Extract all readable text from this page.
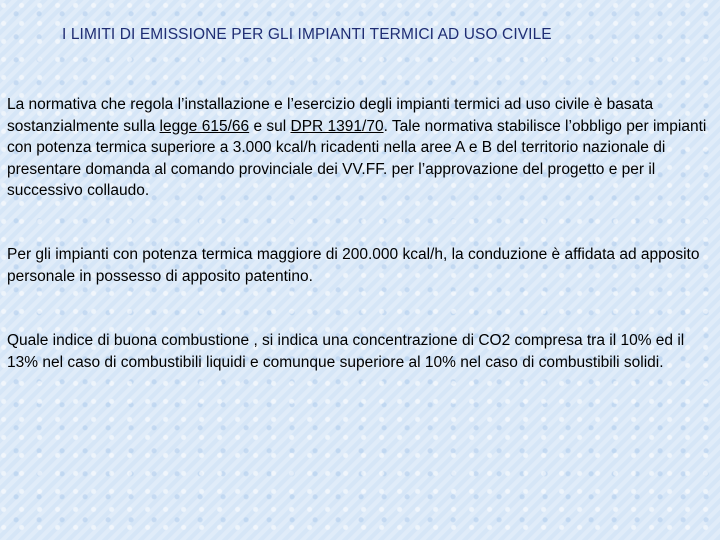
I LIMITI DI EMISSIONE PER GLI IMPIANTI TERMICI AD USO CIVILE
La normativa che regola l’installazione e l’esercizio degli impianti termici ad uso civile è basata sostanzialmente sulla legge 615/66 e sul DPR 1391/70. Tale normativa stabilisce l’obbligo per impianti con potenza termica superiore a 3.000 kcal/h ricadenti nella aree A e B del territorio nazionale di presentare domanda al comando provinciale dei VV.FF. per l’approvazione del progetto e per il successivo collaudo.
Per gli impianti con potenza termica maggiore di 200.000 kcal/h, la conduzione è affidata ad apposito personale in possesso di apposito patentino.
Quale indice di buona combustione , si indica una concentrazione di CO2 compresa tra il 10% ed il 13% nel caso di combustibili liquidi e comunque superiore al 10% nel caso di combustibili solidi.
